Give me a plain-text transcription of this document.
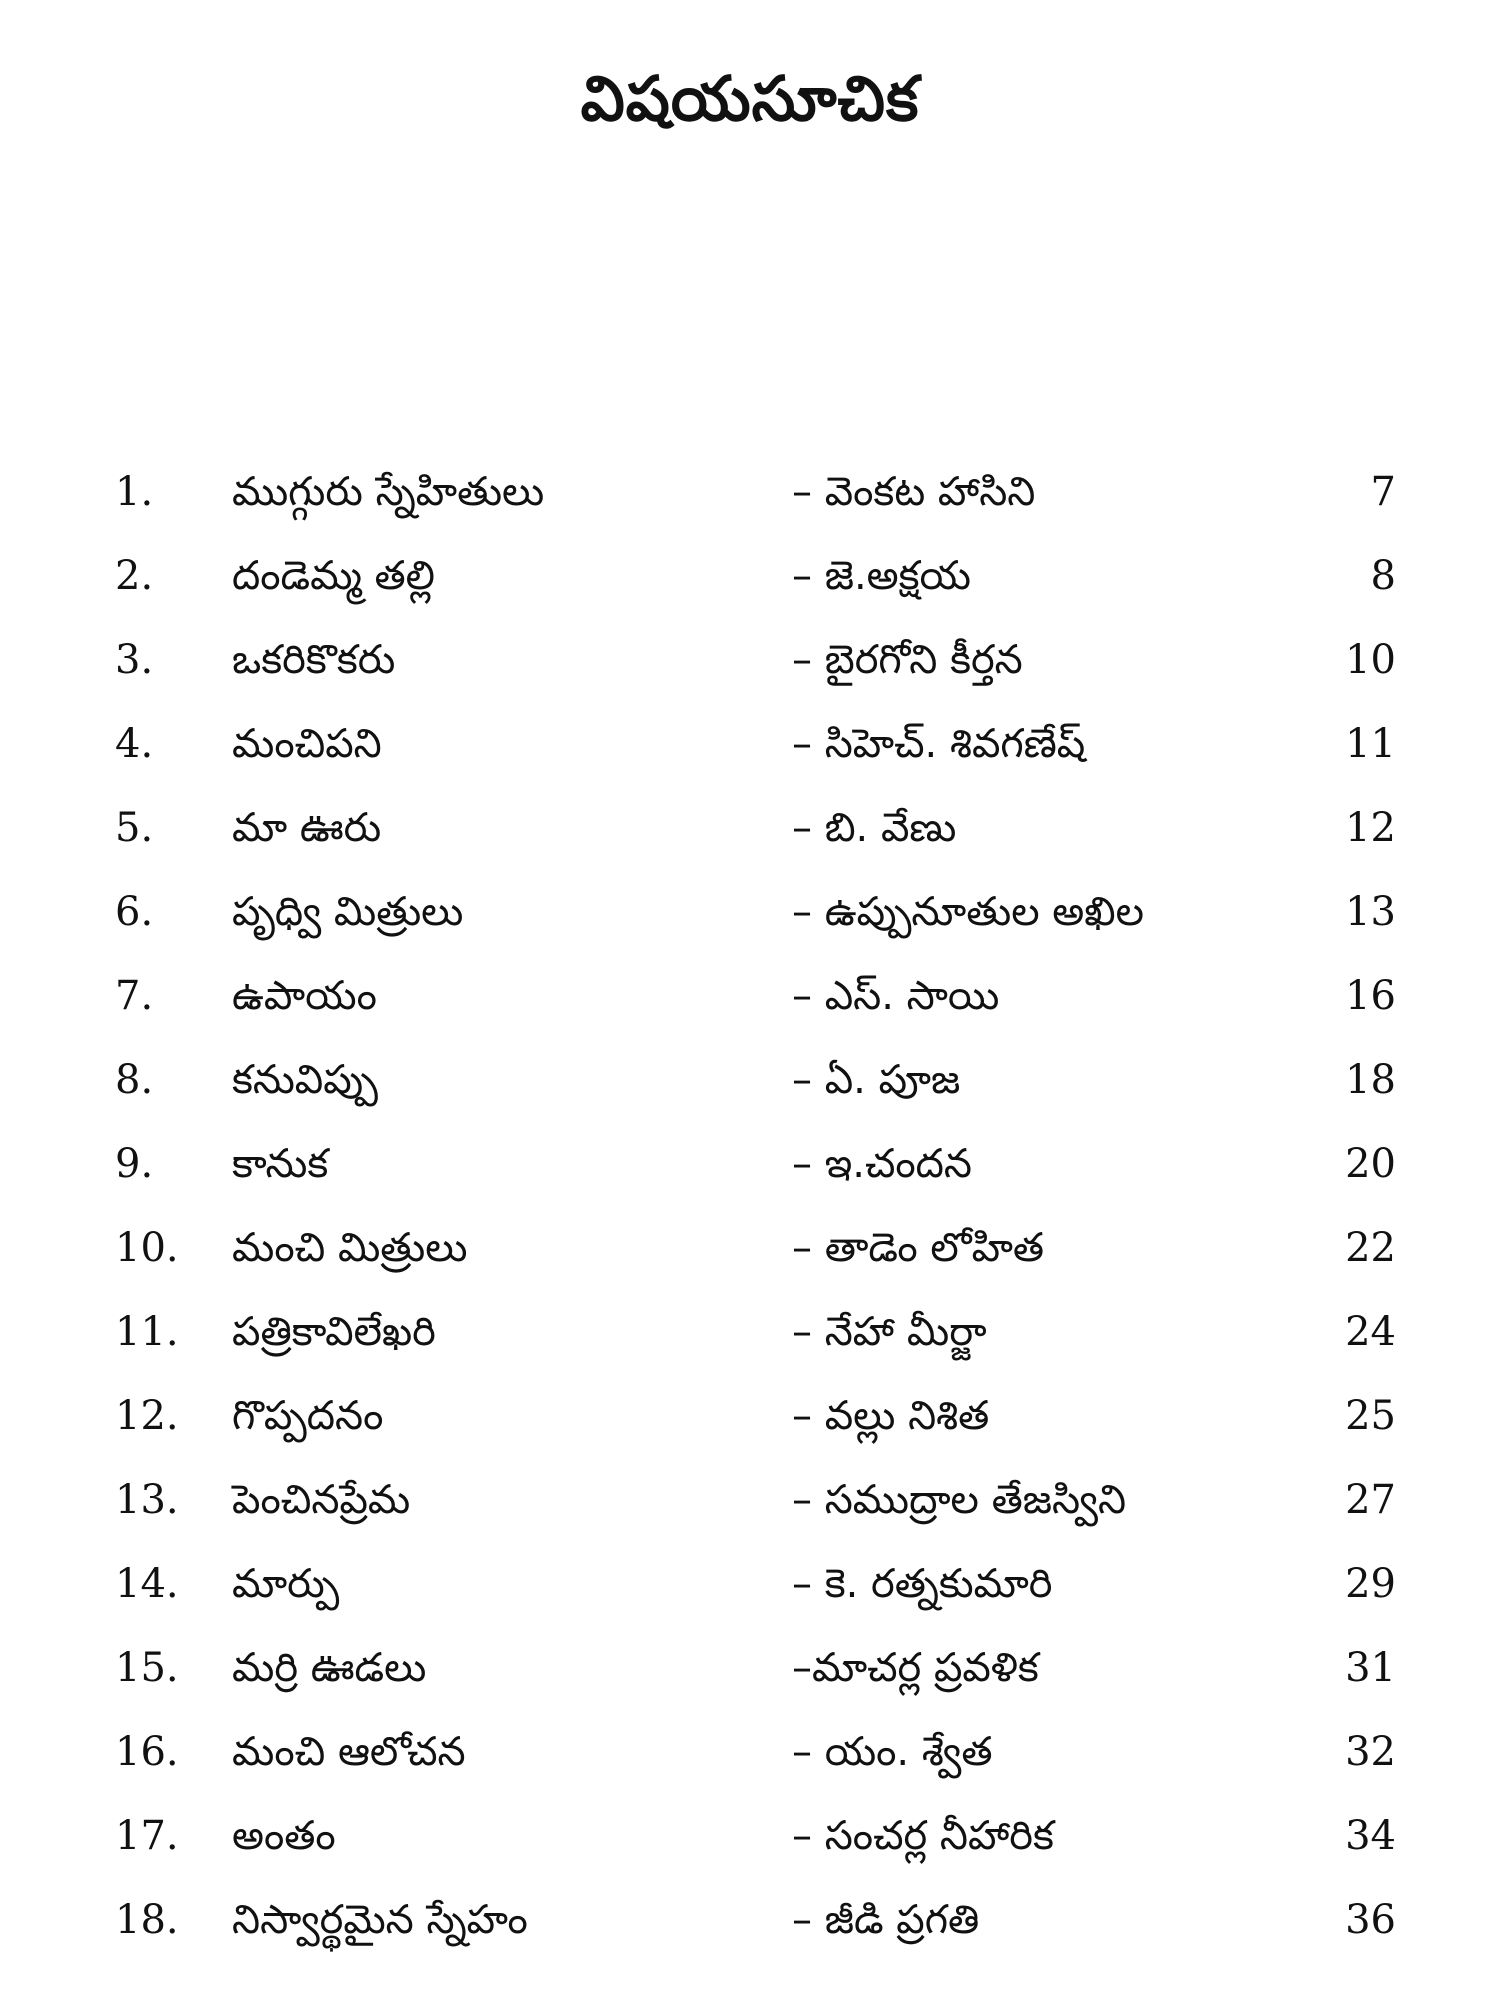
విషయసూచిక
1. ముగ్గురు స్నేహితులు	– వెంకట హాసిని	7
2. దండెమ్మ తల్లి	– జె.అక్షయ	8
3. ఒకరికొకరు	– బైరగోని కీర్తన	10
4. మంచిపని	– సిహెచ్. శివగణేష్	11
5. మా ఊరు	– బి. వేణు	12
6. పృధ్వి మిత్రులు	– ఉప్పునూతుల అఖిల	13
7. ఉపాయం	– ఎస్. సాయి	16
8. కనువిప్పు	– ఏ. పూజ	18
9. కానుక	– ఇ.చందన	20
10. మంచి మిత్రులు	– తాడెం లోహిత	22
11. పత్రికావిలేఖరి	– నేహా మీర్జా	24
12. గొప్పదనం	– వల్లు నిశిత	25
13. పెంచినప్రేమ	– సముద్రాల తేజస్విని	27
14. మార్పు	– కె. రత్నకుమారి	29
15. మర్రి ఊడలు	–మాచర్ల ప్రవళిక	31
16. మంచి ఆలోచన	– యం. శ్వేత	32
17. అంతం	– సంచర్ల నీహారిక	34
18. నిస్వార్థమైన స్నేహం	– జీడి ప్రగతి	36
